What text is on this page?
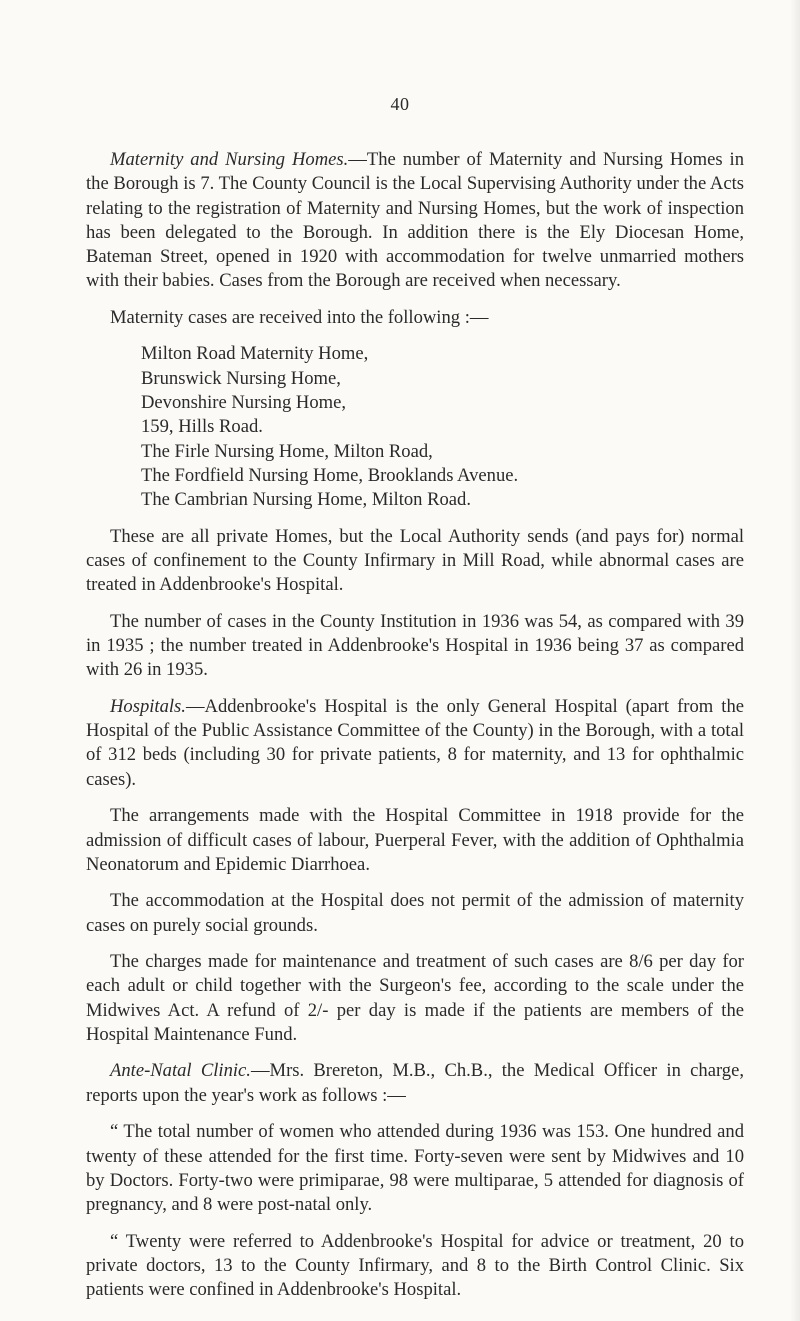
40

Maternity and Nursing Homes.—The number of Maternity and Nursing Homes in the Borough is 7. The County Council is the Local Supervising Authority under the Acts relating to the registration of Maternity and Nursing Homes, but the work of inspection has been delegated to the Borough. In addition there is the Ely Diocesan Home, Bateman Street, opened in 1920 with accommodation for twelve unmarried mothers with their babies. Cases from the Borough are received when necessary.

Maternity cases are received into the following :—

Milton Road Maternity Home,
Brunswick Nursing Home,
Devonshire Nursing Home,
159, Hills Road.
The Firle Nursing Home, Milton Road,
The Fordfield Nursing Home, Brooklands Avenue.
The Cambrian Nursing Home, Milton Road.

These are all private Homes, but the Local Authority sends (and pays for) normal cases of confinement to the County Infirmary in Mill Road, while abnormal cases are treated in Addenbrooke's Hospital.

The number of cases in the County Institution in 1936 was 54, as compared with 39 in 1935 ; the number treated in Addenbrooke's Hospital in 1936 being 37 as compared with 26 in 1935.

Hospitals.—Addenbrooke's Hospital is the only General Hospital (apart from the Hospital of the Public Assistance Committee of the County) in the Borough, with a total of 312 beds (including 30 for private patients, 8 for maternity, and 13 for ophthalmic cases).

The arrangements made with the Hospital Committee in 1918 provide for the admission of difficult cases of labour, Puerperal Fever, with the addition of Ophthalmia Neonatorum and Epidemic Diarrhoea.

The accommodation at the Hospital does not permit of the admission of maternity cases on purely social grounds.

The charges made for maintenance and treatment of such cases are 8/6 per day for each adult or child together with the Surgeon's fee, according to the scale under the Midwives Act. A refund of 2/- per day is made if the patients are members of the Hospital Maintenance Fund.

Ante-Natal Clinic.—Mrs. Brereton, M.B., Ch.B., the Medical Officer in charge, reports upon the year's work as follows :—

“ The total number of women who attended during 1936 was 153. One hundred and twenty of these attended for the first time. Forty-seven were sent by Midwives and 10 by Doctors. Forty-two were primiparae, 98 were multiparae, 5 attended for diagnosis of pregnancy, and 8 were post-natal only.

“ Twenty were referred to Addenbrooke's Hospital for advice or treatment, 20 to private doctors, 13 to the County Infirmary, and 8 to the Birth Control Clinic. Six patients were confined in Addenbrooke's Hospital.
